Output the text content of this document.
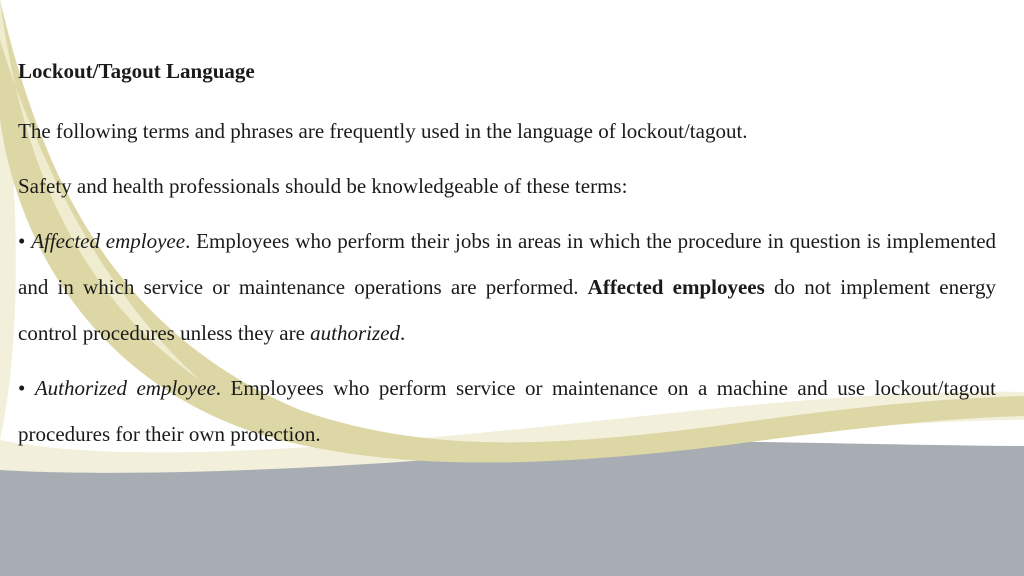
Lockout/Tagout Language
The following terms and phrases are frequently used in the language of lockout/tagout.
Safety and health professionals should be knowledgeable of these terms:
• Affected employee. Employees who perform their jobs in areas in which the procedure in question is implemented and in which service or maintenance operations are performed. Affected employees do not implement energy control procedures unless they are authorized.
• Authorized employee. Employees who perform service or maintenance on a machine and use lockout/tagout procedures for their own protection.
